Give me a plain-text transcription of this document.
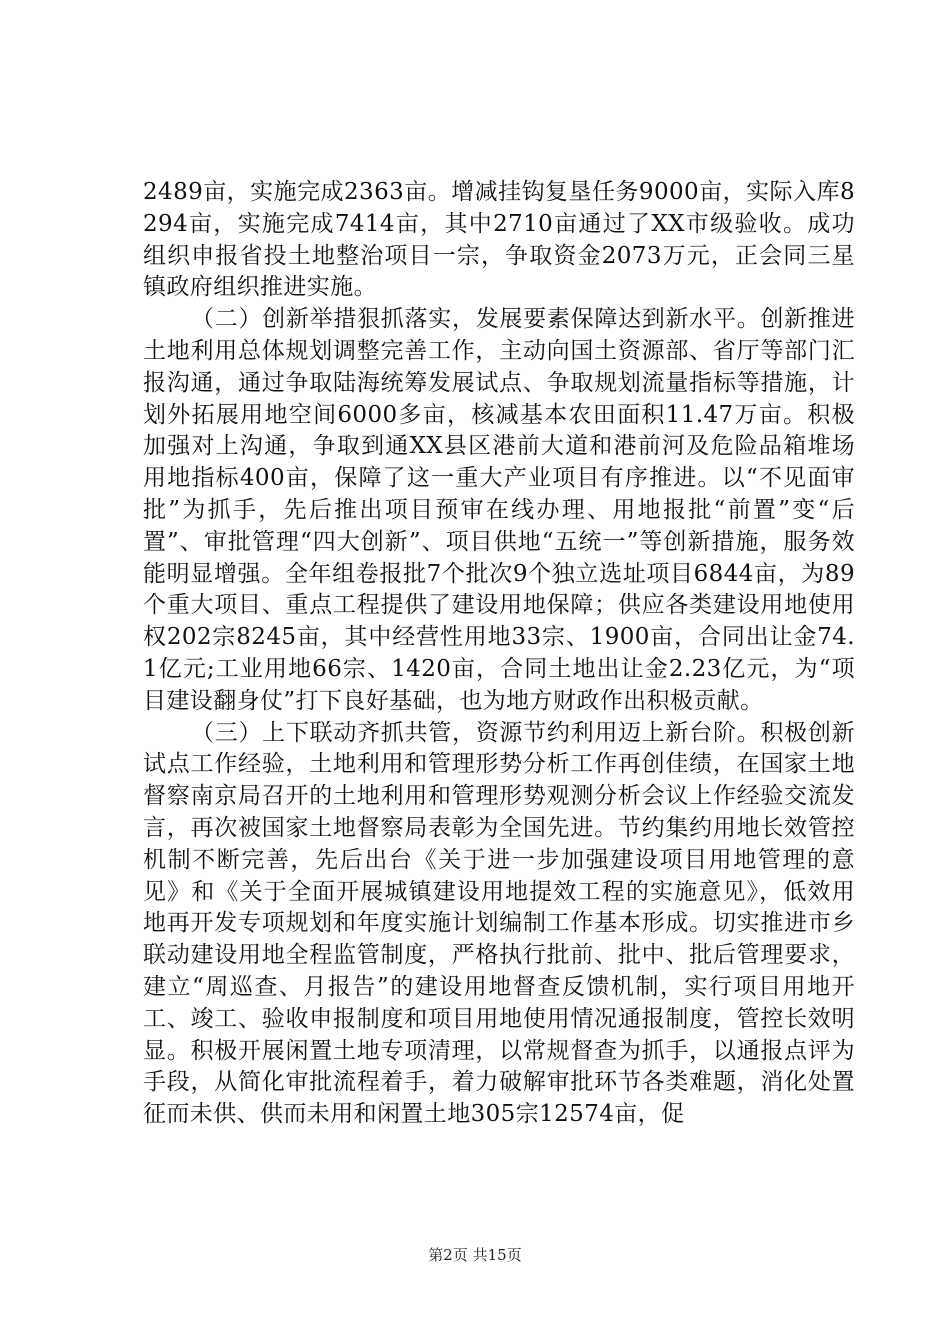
2489亩，实施完成2363亩。增减挂钩复垦任务9000亩，实际入库8294亩，实施完成7414亩，其中2710亩通过了XX市级验收。成功组织申报省投土地整治项目一宗，争取资金2073万元，正会同三星镇政府组织推进实施。

（二）创新举措狠抓落实，发展要素保障达到新水平。创新推进土地利用总体规划调整完善工作，主动向国土资源部、省厅等部门汇报沟通，通过争取陆海统筹发展试点、争取规划流量指标等措施，计划外拓展用地空间6000多亩，核减基本农田面积11.47万亩。积极加强对上沟通，争取到通XX县区港前大道和港前河及危险品箱堆场用地指标400亩，保障了这一重大产业项目有序推进。以“不见面审批”为抓手，先后推出项目预审在线办理、用地报批“前置”变“后置”、审批管理“四大创新”、项目供地“五统一”等创新措施，服务效能明显增强。全年组卷报批7个批次9个独立选址项目6844亩，为89个重大项目、重点工程提供了建设用地保障；供应各类建设用地使用权202宗8245亩，其中经营性用地33宗、1900亩，合同出让金74.1亿元;工业用地66宗、1420亩，合同土地出让金2.23亿元，为“项目建设翻身仗”打下良好基础，也为地方财政作出积极贡献。

（三）上下联动齐抓共管，资源节约利用迈上新台阶。积极创新试点工作经验，土地利用和管理形势分析工作再创佳绩，在国家土地督察南京局召开的土地利用和管理形势观测分析会议上作经验交流发言，再次被国家土地督察局表彰为全国先进。节约集约用地长效管控机制不断完善，先后出台《关于进一步加强建设项目用地管理的意见》和《关于全面开展城镇建设用地提效工程的实施意见》，低效用地再开发专项规划和年度实施计划编制工作基本形成。切实推进市乡联动建设用地全程监管制度，严格执行批前、批中、批后管理要求，建立“周巡查、月报告”的建设用地督查反馈机制，实行项目用地开工、竣工、验收申报制度和项目用地使用情况通报制度，管控长效明显。积极开展闲置土地专项清理，以常规督查为抓手，以通报点评为手段，从简化审批流程着手，着力破解审批环节各类难题，消化处置征而未供、供而未用和闲置土地305宗12574亩，促

第2页 共15页
